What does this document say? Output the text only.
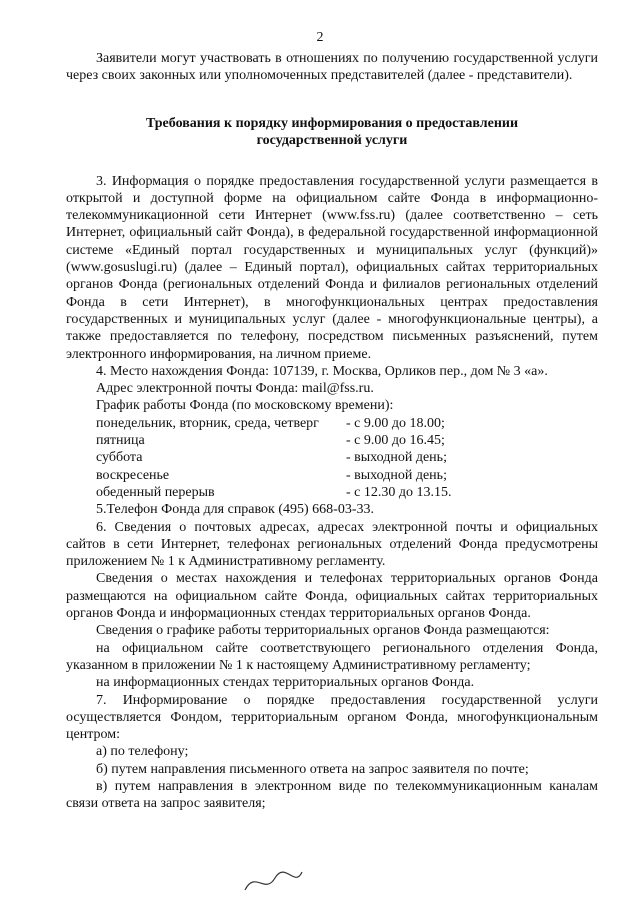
2

Заявители могут участвовать в отношениях по получению государственной услуги через своих законных или уполномоченных представителей (далее - представители).

Требования к порядку информирования о предоставлении
государственной услуги

3. Информация о порядке предоставления государственной услуги размещается в открытой и доступной форме на официальном сайте Фонда в информационно-телекоммуникационной сети Интернет (www.fss.ru) (далее соответственно – сеть Интернет, официальный сайт Фонда), в федеральной государственной информационной системе «Единый портал государственных и муниципальных услуг (функций)» (www.gosuslugi.ru) (далее – Единый портал), официальных сайтах территориальных органов Фонда (региональных отделений Фонда и филиалов региональных отделений Фонда в сети Интернет), в многофункциональных центрах предоставления государственных и муниципальных услуг (далее - многофункциональные центры), а также предоставляется по телефону, посредством письменных разъяснений, путем электронного информирования, на личном приеме.

4. Место нахождения Фонда: 107139, г. Москва, Орликов пер., дом № 3 «а».

Адрес электронной почты Фонда: mail@fss.ru.

График работы Фонда (по московскому времени):

понедельник, вторник, среда, четверг	- с 9.00 до 18.00;
пятница	- с 9.00 до 16.45;
суббота	- выходной день;
воскресенье	- выходной день;
обеденный перерыв	- с 12.30 до 13.15.

5.Телефон Фонда для справок (495) 668-03-33.

6. Сведения о почтовых адресах, адресах электронной почты и официальных сайтов в сети Интернет, телефонах региональных отделений Фонда предусмотрены приложением № 1 к Административному регламенту.

Сведения о местах нахождения и телефонах территориальных органов Фонда размещаются на официальном сайте Фонда, официальных сайтах территориальных органов Фонда и информационных стендах территориальных органов Фонда.

Сведения о графике работы территориальных органов Фонда размещаются:

на официальном сайте соответствующего регионального отделения Фонда, указанном в приложении № 1 к настоящему Административному регламенту;

на информационных стендах территориальных органов Фонда.

7. Информирование о порядке предоставления государственной услуги осуществляется Фондом, территориальным органом Фонда, многофункциональным центром:

а) по телефону;

б) путем направления письменного ответа на запрос заявителя по почте;

в) путем направления в электронном виде по телекоммуникационным каналам связи ответа на запрос заявителя;
